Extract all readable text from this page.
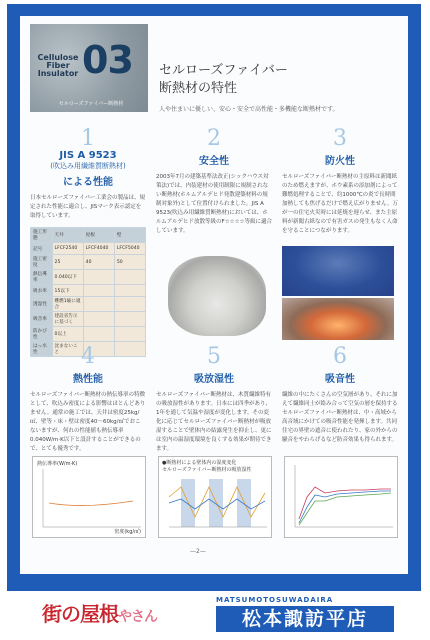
Cellulose
Fiber
Insulator 03
セルローズファイバー断熱材
セルローズファイバー
断熱材の特性
人や住まいに優しい、安心・安全で高性能・多機能な断熱材です。
1
JIS A 9523
(吹込み用繊維質断熱材)
による性能
日本セルローズファイバー工業会の製品は、規定された性能に適合し、JISマーク表示認定を取得しています。
施工形態	天井	屋根	壁
記号	LFCF2540	LFCF4040	LFCF5040
施工密度	25	40	50
熱伝導率	0.040以下		
吸水率	15以下		
透湿性	難燃1級に適合		
吸音率	建設省告示に基づく		
防かび性	0以上		
はっ水性	沈まないこと		
2
安全性
2003年7月の建築基準法改正(シックハウス対策法)では、内装建材の使用制限に規制されない断熱材(ホルムアルデヒド発散建築材料の規制対象外)として位置付けられました。JIS A 9523(吹込み用繊維質断熱材)においては、ホルムアルデヒド放散等級のF☆☆☆☆等級に適合しています。
3
防火性
セルローズファイバー断熱材の主原料は新聞紙のため燃えますが、ホウ素系の添加剤によって難燃処理することで、約1000℃の炎で長時間加熱しても焦げるだけで燃え広がりません。万が一の住宅火災時には延焼を遅らせ、また主原料が新聞古紙なので有害ガスの発生もなく人命を守ることにつながります。
4
熱性能
セルローズファイバー断熱材の熱伝導率の特徴として、吹込み密度による影響はほとんどありません。通常の施工では、天井は密度25kg/㎥、壁等・床・壁は密度40〜60kg/㎥でおこないますが、何れの性能値も熱伝導率0.040W/m·K以下と設計することができるので、とても優秀です。
熱伝導率(W/m·K)
密度(kg/㎥)
5
吸放湿性
セルローズファイバー断熱材は、木質繊維特有の吸放湿性があります。日本には四季があり、1年を通して気温や湿度が変化します。その変化に応じてセルローズファイバー断熱材が吸放湿することで壁体内の結露発生を抑止し、更には室内の温湿度環境を良くする効果が期待できます。
●断熱材による壁体内の湿度変化
セルローズファイバー断熱材の吸放湿性
6
吸音性
繊維の中にたくさんの空気層があり、それに加えて繊維同士が絡み合って空気の層を保持するセルローズファイバー断熱材は、中・高域から高音域にかけての吸音性能を発揮します。共同住宅の界壁の遮音に使われたり、家の外からの騒音をやわらげるなど防音効果も得られます。
—2—
街の屋根やさん
MATSUMOTOSUWADAIRA
松本諏訪平店
